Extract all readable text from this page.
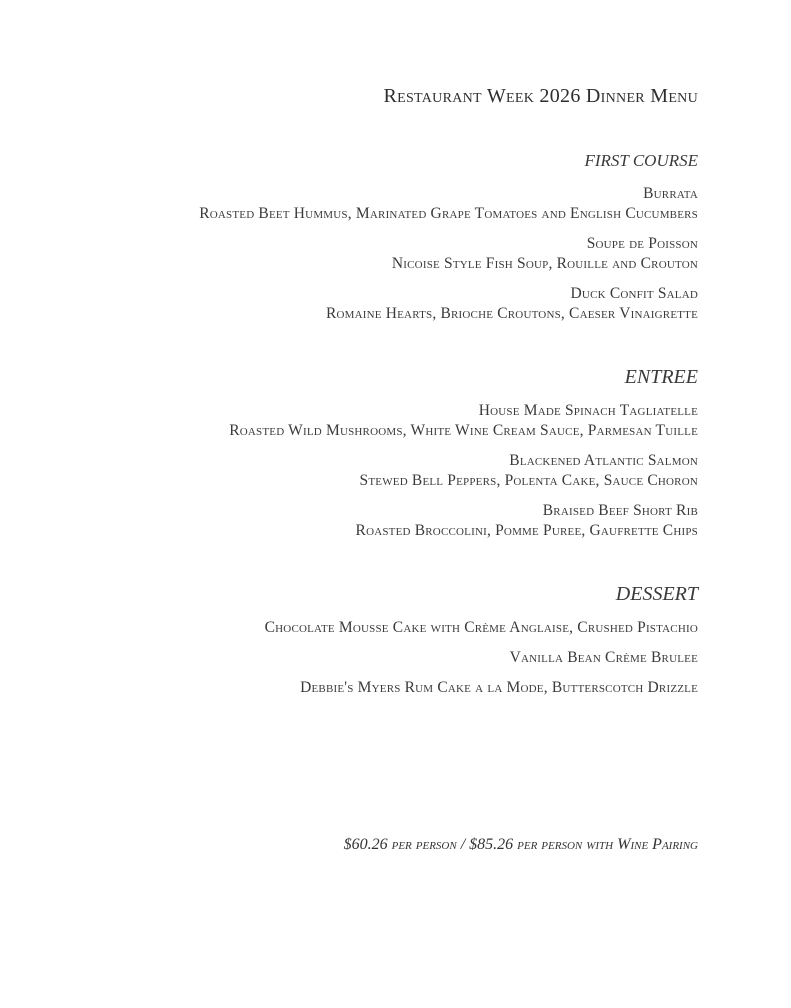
Restaurant Week 2026 Dinner Menu
FIRST COURSE
Burrata
Roasted Beet Hummus, Marinated Grape Tomatoes and English Cucumbers
Soupe de Poisson
Nicoise Style Fish Soup, Rouille and Crouton
Duck Confit Salad
Romaine Hearts, Brioche Croutons, Caeser Vinaigrette
ENTREE
House Made Spinach Tagliatelle
Roasted Wild Mushrooms, White Wine Cream Sauce, Parmesan Tuille
Blackened Atlantic Salmon
Stewed Bell Peppers, Polenta Cake, Sauce Choron
Braised Beef Short Rib
Roasted Broccolini, Pomme Puree, Gaufrette Chips
DESSERT
Chocolate Mousse Cake with Crème Anglaise, Crushed Pistachio
Vanilla Bean Crème Brulee
Debbie's Myers Rum Cake a la Mode, Butterscotch Drizzle
$60.26 per person / $85.26 per person with Wine Pairing
